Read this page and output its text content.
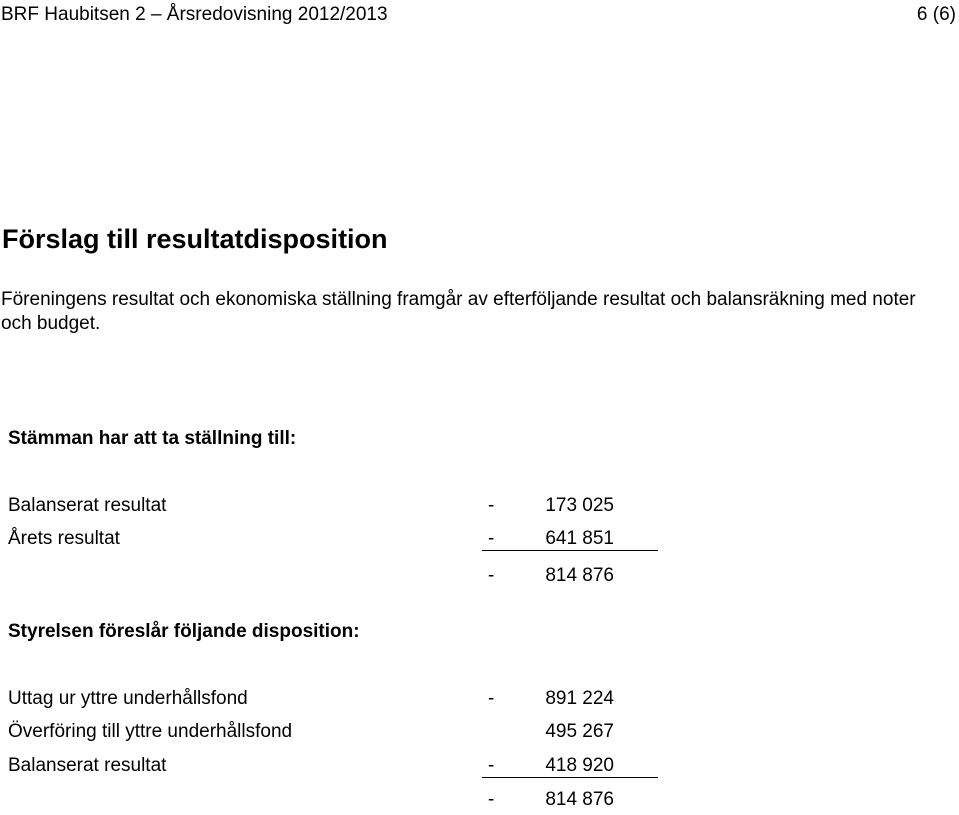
BRF Haubitsen 2 – Årsredovisning 2012/2013	6 (6)
Förslag till resultatdisposition

Föreningens resultat och ekonomiska ställning framgår av efterföljande resultat och balansräkning med noter och budget.

Stämman har att ta ställning till:
Balanserat resultat	-	173 025
Årets resultat	-	641 851
-	814 876
Styrelsen föreslår följande disposition:
Uttag ur yttre underhållsfond	-	891 224
Överföring till yttre underhållsfond	495 267
Balanserat resultat	-	418 920
-	814 876
